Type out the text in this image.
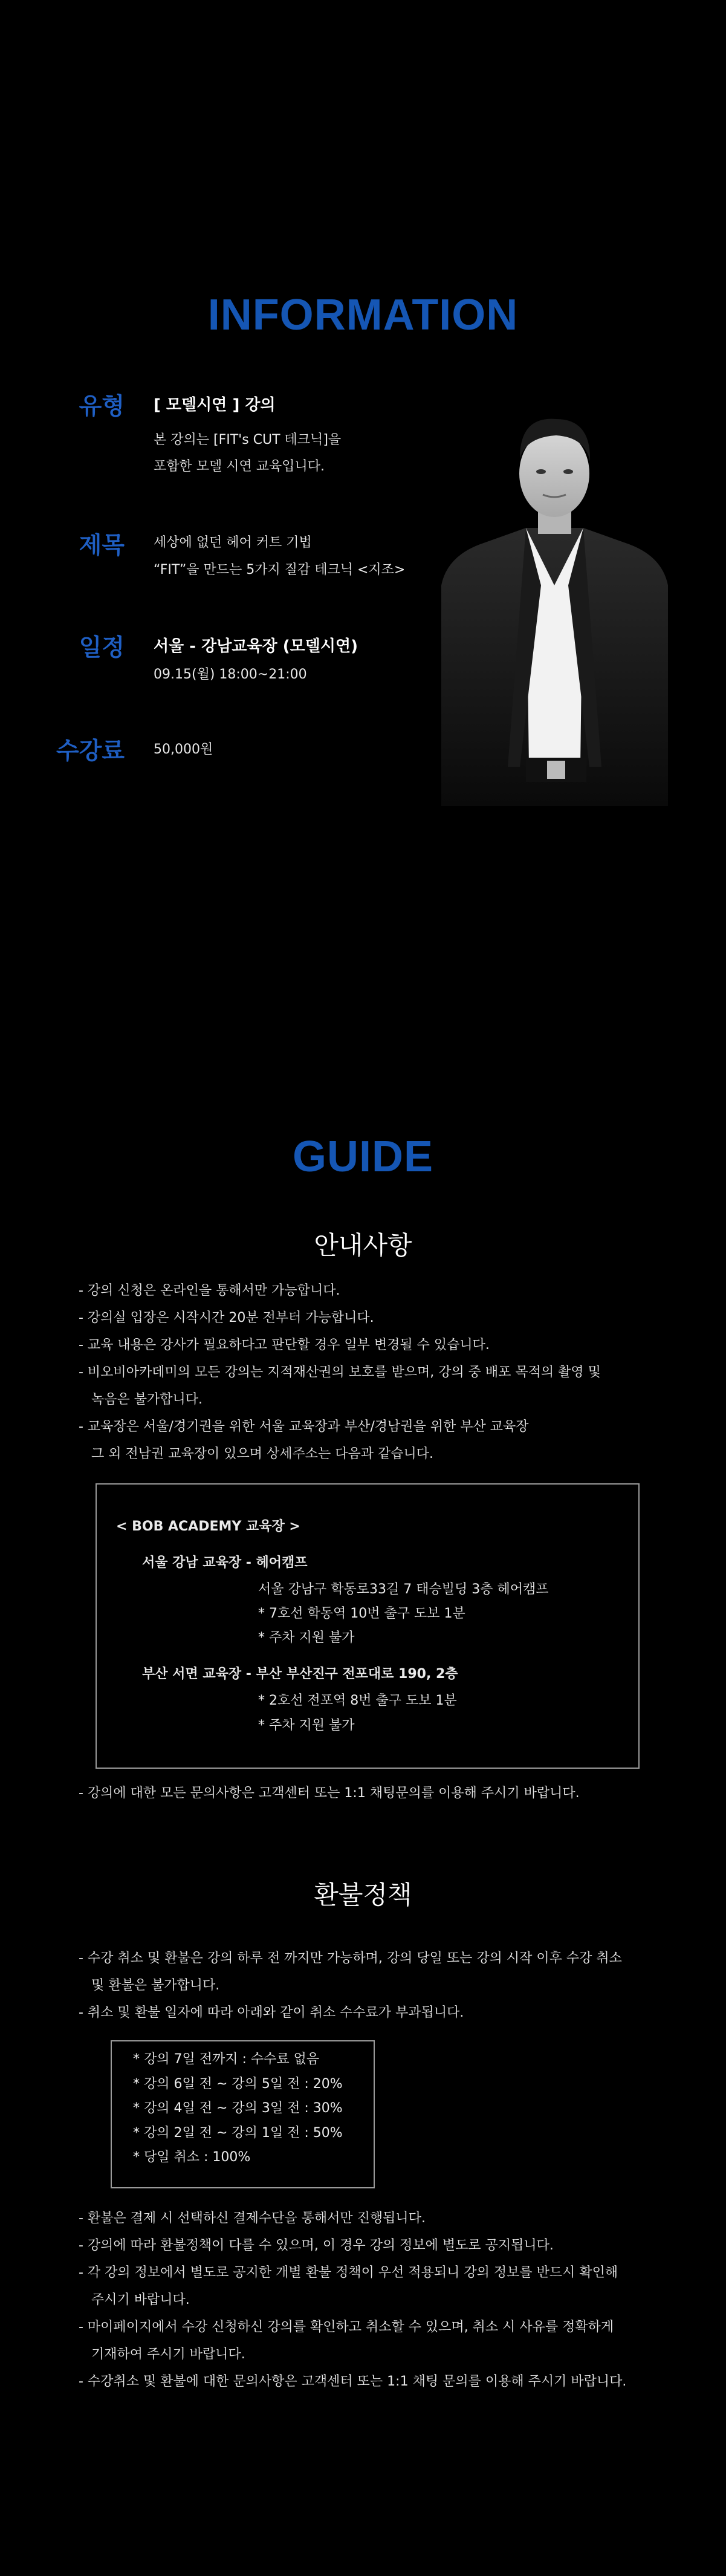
INFORMATION
유형 [ 모델시연 ] 강의
본 강의는 [FIT's CUT 테크닉]을
포함한 모델 시연 교육입니다.
제목 세상에 없던 헤어 커트 기법
“FIT”을 만드는 5가지 질감 테크닉 <지조>
일정 서울 - 강남교육장 (모델시연)
09.15(월) 18:00~21:00
수강료 50,000원
GUIDE
안내사항
- 강의 신청은 온라인을 통해서만 가능합니다.
- 강의실 입장은 시작시간 20분 전부터 가능합니다.
- 교육 내용은 강사가 필요하다고 판단할 경우 일부 변경될 수 있습니다.
- 비오비아카데미의 모든 강의는 지적재산권의 보호를 받으며, 강의 중 배포 목적의 촬영 및
녹음은 불가합니다.
- 교육장은 서울/경기권을 위한 서울 교육장과 부산/경남권을 위한 부산 교육장
그 외 전남권 교육장이 있으며 상세주소는 다음과 같습니다.
< BOB ACADEMY 교육장 >
서울 강남 교육장 - 헤어캠프
서울 강남구 학동로33길 7 태승빌딩 3층 헤어캠프
* 7호선 학동역 10번 출구 도보 1분
* 주차 지원 불가
부산 서면 교육장 - 부산 부산진구 전포대로 190, 2층
* 2호선 전포역 8번 출구 도보 1분
* 주차 지원 불가
- 강의에 대한 모든 문의사항은 고객센터 또는 1:1 채팅문의를 이용해 주시기 바랍니다.
환불정책
- 수강 취소 및 환불은 강의 하루 전 까지만 가능하며, 강의 당일 또는 강의 시작 이후 수강 취소
및 환불은 불가합니다.
- 취소 및 환불 일자에 따라 아래와 같이 취소 수수료가 부과됩니다.
* 강의 7일 전까지 : 수수료 없음
* 강의 6일 전 ~ 강의 5일 전 : 20%
* 강의 4일 전 ~ 강의 3일 전 : 30%
* 강의 2일 전 ~ 강의 1일 전 : 50%
* 당일 취소 : 100%
- 환불은 결제 시 선택하신 결제수단을 통해서만 진행됩니다.
- 강의에 따라 환불정책이 다를 수 있으며, 이 경우 강의 정보에 별도로 공지됩니다.
- 각 강의 정보에서 별도로 공지한 개별 환불 정책이 우선 적용되니 강의 정보를 반드시 확인해
주시기 바랍니다.
- 마이페이지에서 수강 신청하신 강의를 확인하고 취소할 수 있으며, 취소 시 사유를 정확하게
기재하여 주시기 바랍니다.
- 수강취소 및 환불에 대한 문의사항은 고객센터 또는 1:1 채팅 문의를 이용해 주시기 바랍니다.
